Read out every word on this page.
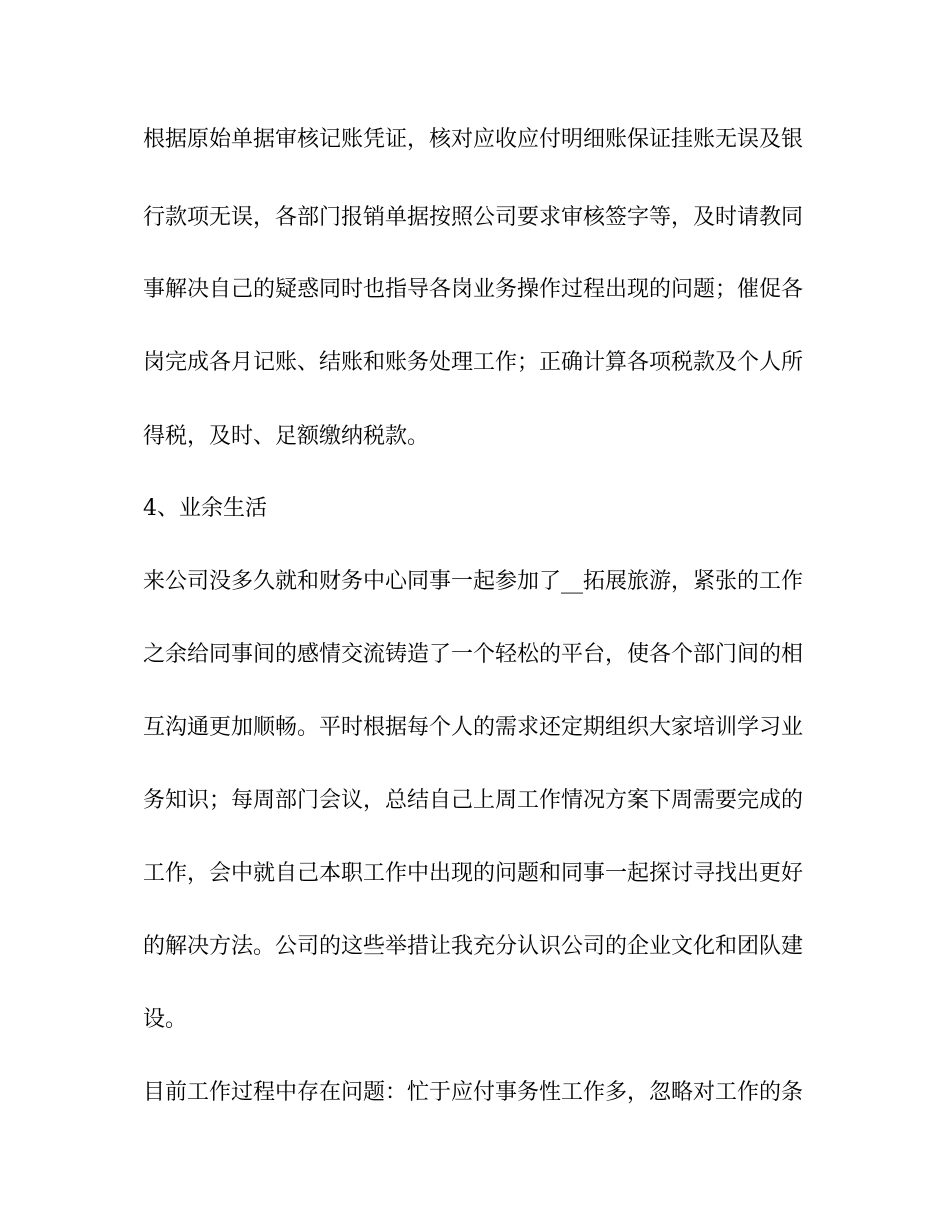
根据原始单据审核记账凭证，核对应收应付明细账保证挂账无误及银
行款项无误，各部门报销单据按照公司要求审核签字等，及时请教同
事解决自己的疑惑同时也指导各岗业务操作过程出现的问题；催促各
岗完成各月记账、结账和账务处理工作；正确计算各项税款及个人所
得税，及时、足额缴纳税款。
4、业余生活
来公司没多久就和财务中心同事一起参加了__拓展旅游，紧张的工作
之余给同事间的感情交流铸造了一个轻松的平台，使各个部门间的相
互沟通更加顺畅。平时根据每个人的需求还定期组织大家培训学习业
务知识；每周部门会议，总结自己上周工作情况方案下周需要完成的
工作，会中就自己本职工作中出现的问题和同事一起探讨寻找出更好
的解决方法。公司的这些举措让我充分认识公司的企业文化和团队建
设。
目前工作过程中存在问题：忙于应付事务性工作多，忽略对工作的条
